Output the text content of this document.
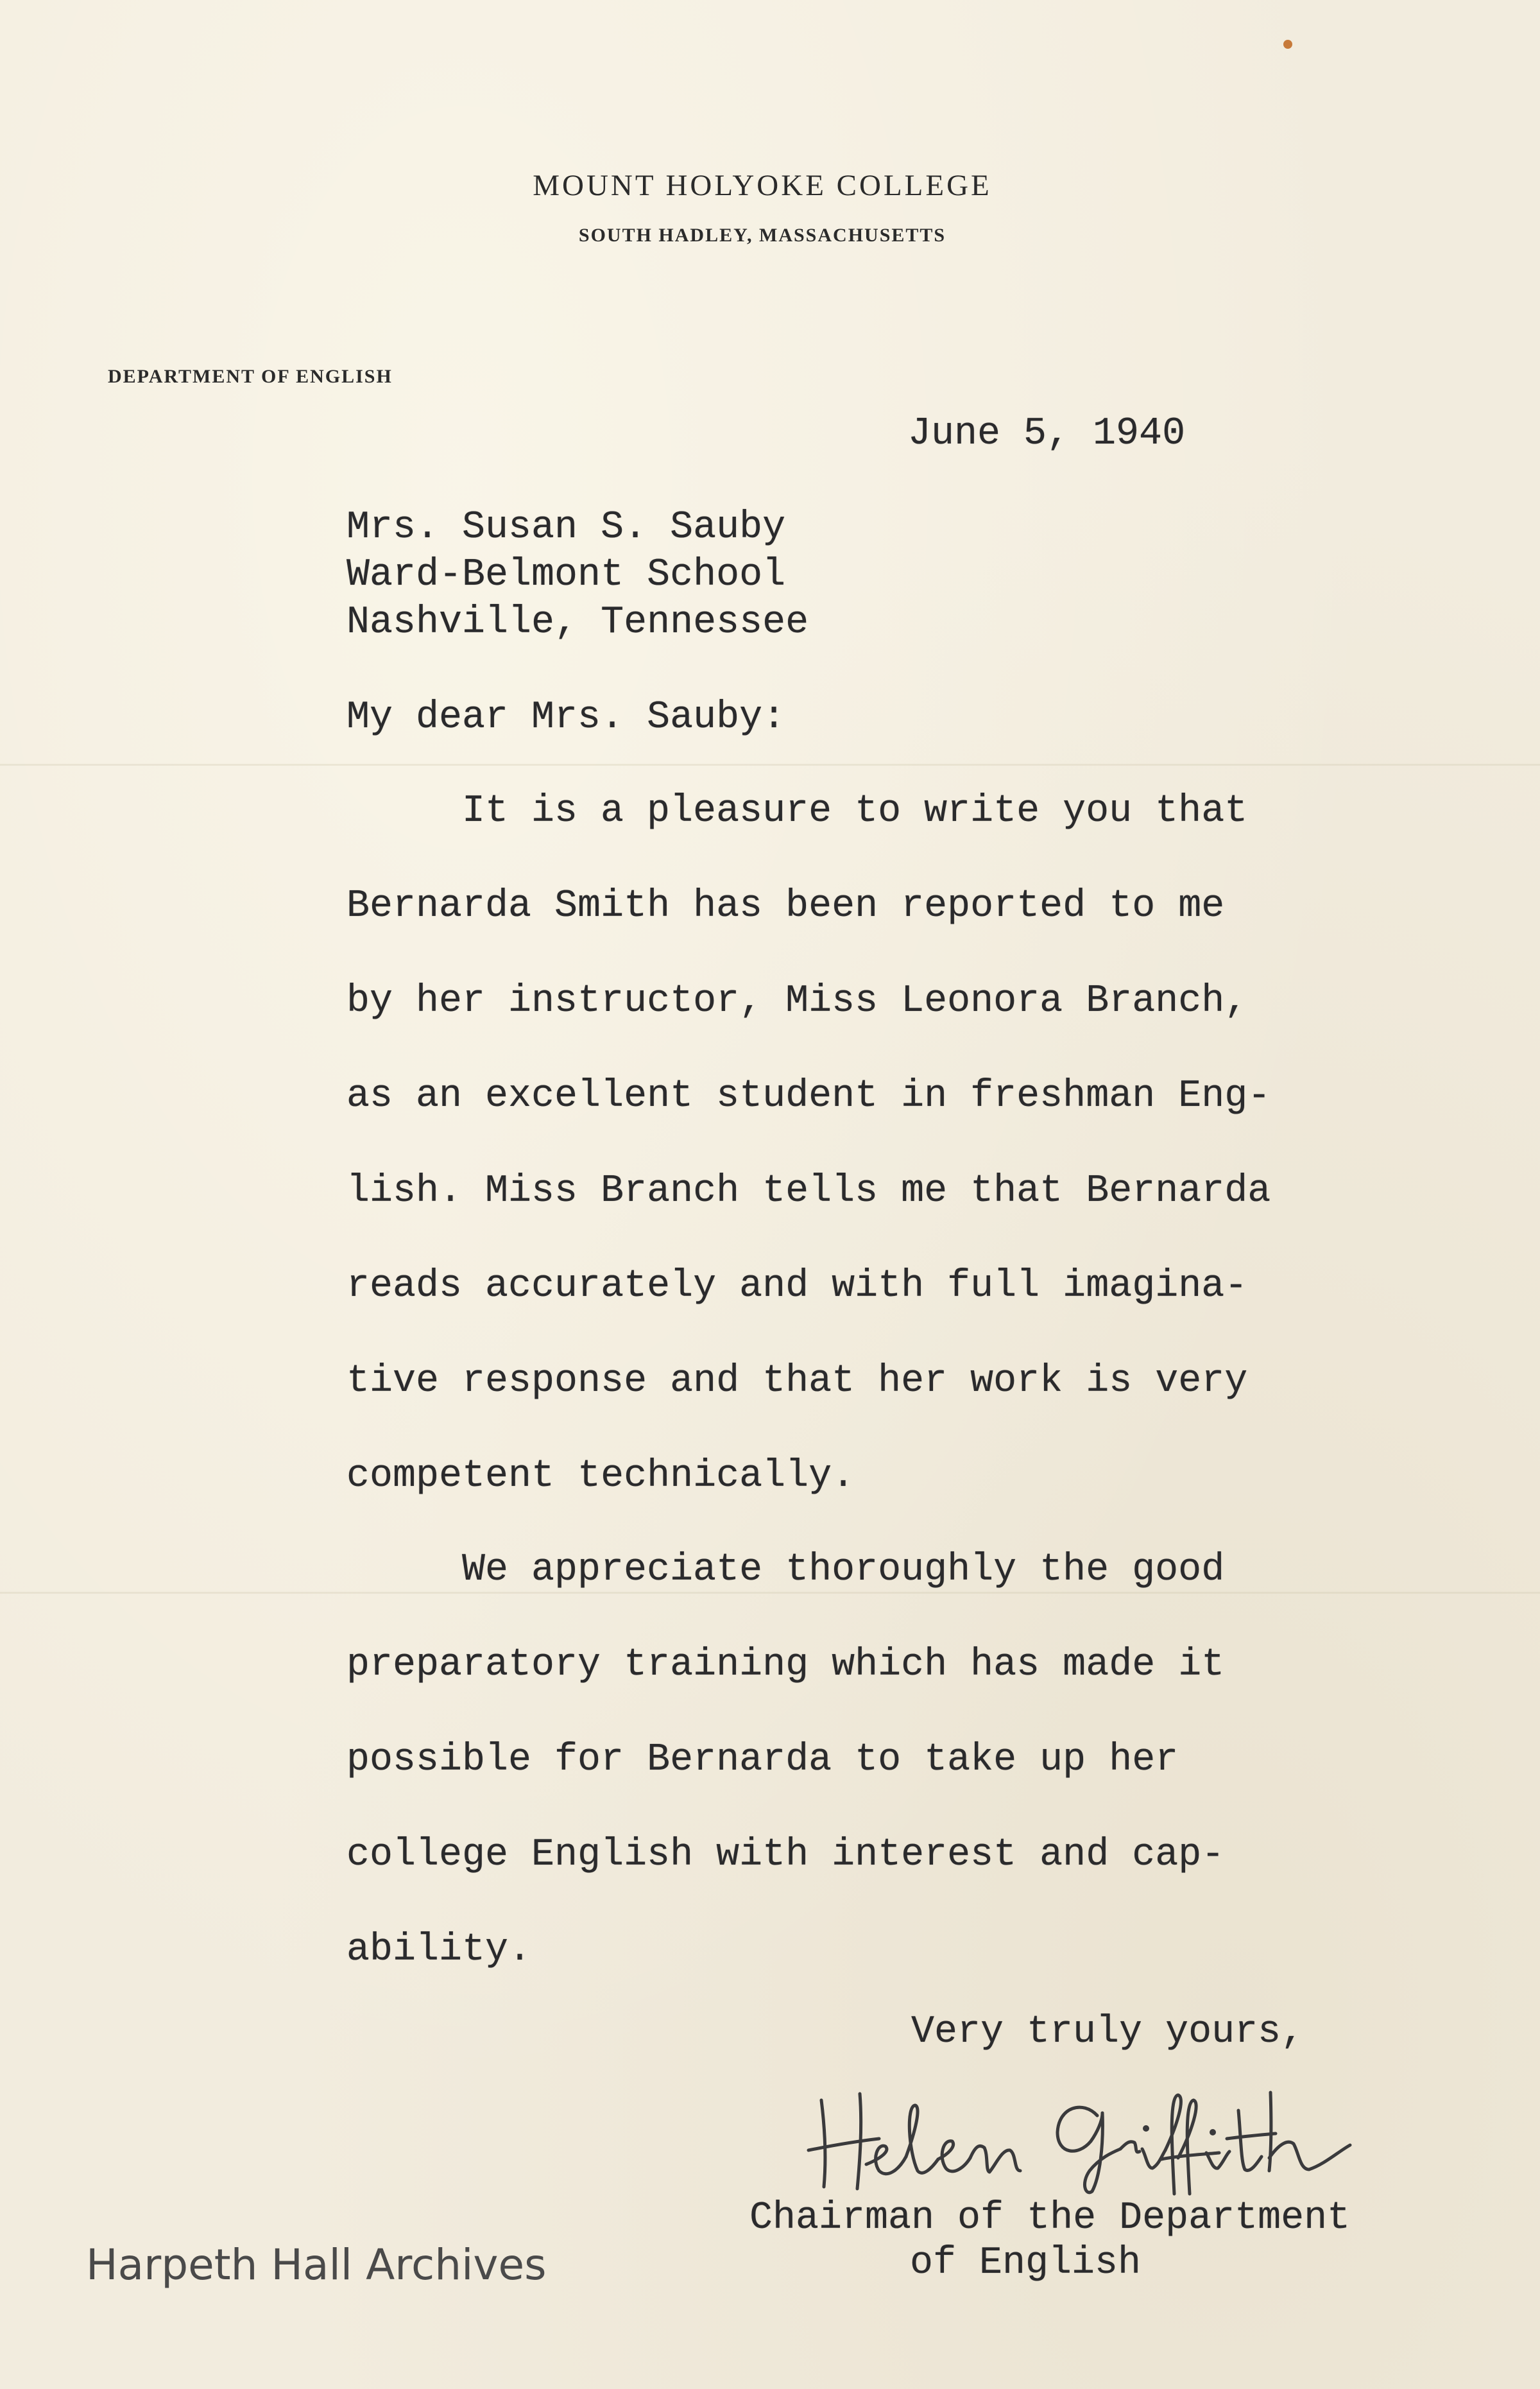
MOUNT HOLYOKE COLLEGE
SOUTH HADLEY, MASSACHUSETTS
DEPARTMENT OF ENGLISH
June 5, 1940
Mrs. Susan S. Sauby
Ward-Belmont School
Nashville, Tennessee
My dear Mrs. Sauby:
It is a pleasure to write you that
Bernarda Smith has been reported to me
by her instructor, Miss Leonora Branch,
as an excellent student in freshman Eng-
lish. Miss Branch tells me that Bernarda
reads accurately and with full imagina-
tive response and that her work is very
competent technically.
We appreciate thoroughly the good
preparatory training which has made it
possible for Bernarda to take up her
college English with interest and cap-
ability.
Very truly yours,
Chairman of the Department
of English
Harpeth Hall Archives
